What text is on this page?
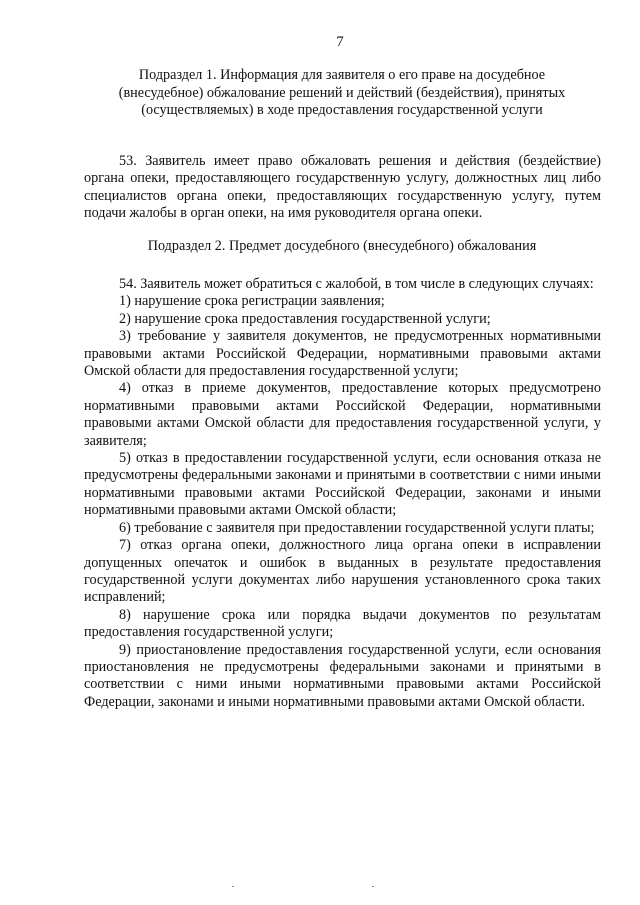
7
Подраздел 1. Информация для заявителя о его праве на досудебное (внесудебное) обжалование решений и действий (бездействия), принятых (осуществляемых) в ходе предоставления государственной услуги

53. Заявитель имеет право обжаловать решения и действия (бездействие) органа опеки, предоставляющего государственную услугу, должностных лиц либо специалистов органа опеки, предоставляющих государственную услугу, путем подачи жалобы в орган опеки, на имя руководителя органа опеки.

Подраздел 2. Предмет досудебного (внесудебного) обжалования

54. Заявитель может обратиться с жалобой, в том числе в следующих случаях:

1) нарушение срока регистрации заявления;

2) нарушение срока предоставления государственной услуги;

3) требование у заявителя документов, не предусмотренных нормативными правовыми актами Российской Федерации, нормативными правовыми актами Омской области для предоставления государственной услуги;

4) отказ в приеме документов, предоставление которых предусмотрено нормативными правовыми актами Российской Федерации, нормативными правовыми актами Омской области для предоставления государственной услуги, у заявителя;

5) отказ в предоставлении государственной услуги, если основания отказа не предусмотрены федеральными законами и принятыми в соответствии с ними иными нормативными правовыми актами Российской Федерации, законами и иными нормативными правовыми актами Омской области;

6) требование с заявителя при предоставлении государственной услуги платы;

7) отказ органа опеки, должностного лица органа опеки в исправлении допущенных опечаток и ошибок в выданных в результате предоставления государственной услуги документах либо нарушения установленного срока таких исправлений;

8) нарушение срока или порядка выдачи документов по результатам предоставления государственной услуги;

9) приостановление предоставления государственной услуги, если основания приостановления не предусмотрены федеральными законами и принятыми в соответствии с ними иными нормативными правовыми актами Российской Федерации, законами и иными нормативными правовыми актами Омской области.
